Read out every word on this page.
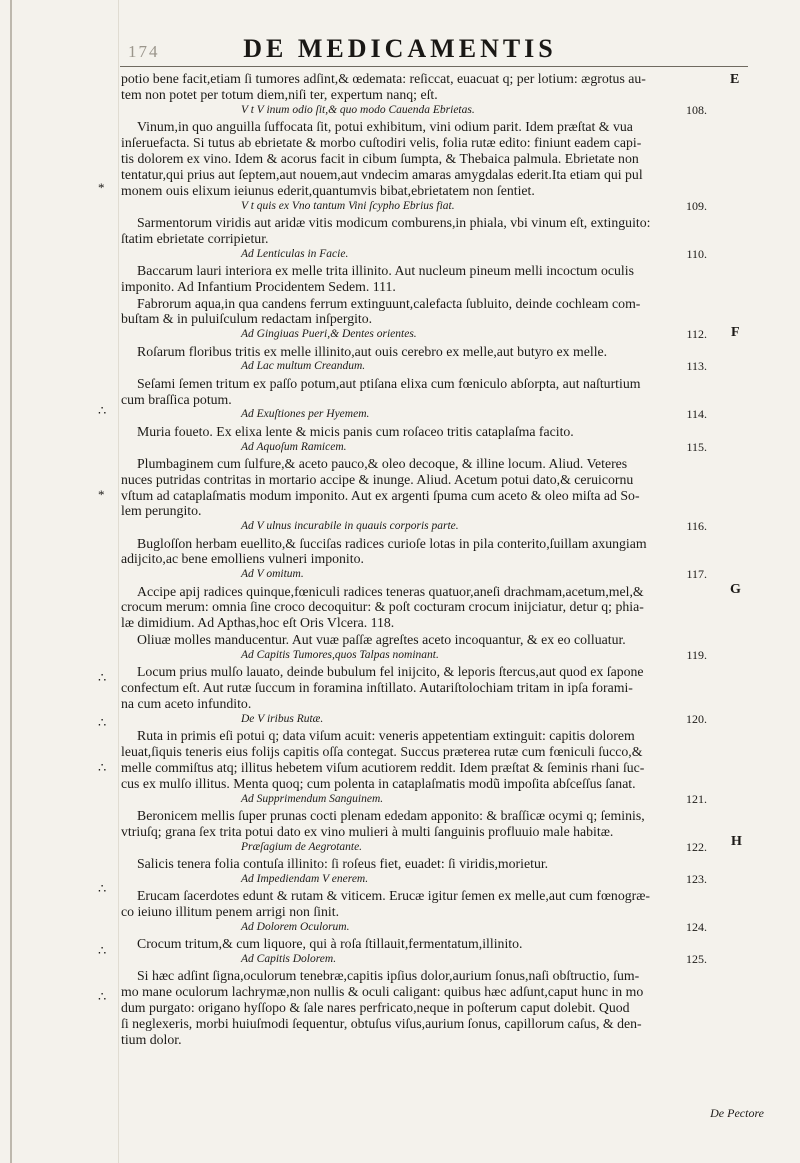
174	DE MEDICAMENTIS
potio bene facit,etiam ſi tumores adſint,& œdemata: reſiccat, euacuat q; per lotium: ægrotus au-
tem non potet per totum diem,niſi ter, expertum nanq; eſt.
V t V inum odio ſit,& quo modo Cauenda Ebrietas.	108.
Vinum,in quo anguilla ſuffocata ſit, potui exhibitum, vini odium parit. Idem præſtat & vua
inſeruefacta. Si tutus ab ebrietate & morbo cuſtodiri velis, folia rutæ edito: finiunt eadem capi-
tis dolorem ex vino. Idem & acorus facit in cibum ſumpta, & Thebaica palmula. Ebrietate non
tentatur,qui prius aut ſeptem,aut nouem,aut vndecim amaras amygdalas ederit.Ita etiam qui pul
monem ouis elixum ieiunus ederit,quantumvis bibat,ebrietatem non ſentiet.
V t quis ex Vno tantum Vini ſcypho Ebrius fiat.	109.
Sarmentorum viridis aut aridæ vitis modicum comburens,in phiala, vbi vinum eſt, extinguito:
ſtatim ebrietate corripietur.
Ad Lenticulas in Facie.	110.
Baccarum lauri interiora ex melle trita illinito. Aut nucleum pineum melli incoctum oculis
imponito. Ad Infantium Procidentem Sedem. 111.
Fabrorum aqua,in qua candens ferrum extinguunt,calefacta ſubluito, deinde cochleam com-
buſtam & in puluiſculum redactam inſpergito.
Ad Gingiuas Pueri,& Dentes orientes.	112.
Roſarum floribus tritis ex melle illinito,aut ouis cerebro ex melle,aut butyro ex melle.
Ad Lac multum Creandum.	113.
Seſami ſemen tritum ex paſſo potum,aut ptiſana elixa cum fœniculo abſorpta, aut naſturtium
cum braſſica potum.
Ad Exuſtiones per Hyemem.	114.
Muria foueto. Ex elixa lente & micis panis cum roſaceo tritis cataplaſma facito.
Ad Aquoſum Ramicem.	115.
Plumbaginem cum ſulfure,& aceto pauco,& oleo decoque, & illine locum. Aliud. Veteres
nuces putridas contritas in mortario accipe & inunge. Aliud. Acetum potui dato,& ceruicornu
vſtum ad cataplaſmatis modum imponito. Aut ex argenti ſpuma cum aceto & oleo miſta ad So-
lem perungito.
Ad V ulnus incurabile in quauis corporis parte.	116.
Bugloſſon herbam euellito,& ſucciſas radices curioſe lotas in pila conterito,ſuillam axungiam
adijcito,ac bene emolliens vulneri imponito.
Ad V omitum.	117.
Accipe apij radices quinque,fœniculi radices teneras quatuor,aneſi drachmam,acetum,mel,&
crocum merum: omnia ſine croco decoquitur: & poſt cocturam crocum inijciatur, detur q; phia-
læ dimidium. Ad Apthas,hoc eſt Oris Vlcera. 118.
Oliuæ molles manducentur. Aut vuæ paſſæ agreſtes aceto incoquantur, & ex eo colluatur.
Ad Capitis Tumores,quos Talpas nominant.	119.
Locum prius mulſo lauato, deinde bubulum fel inijcito, & leporis ſtercus,aut quod ex ſapone
confectum eſt. Aut rutæ ſuccum in foramina inſtillato. Autariſtolochiam tritam in ipſa forami-
na cum aceto infundito.
De V iribus Rutæ.	120.
Ruta in primis eſi potui q; data viſum acuit: veneris appetentiam extinguit: capitis dolorem
leuat,ſiquis teneris eius folijs capitis oſſa contegat. Succus præterea rutæ cum fœniculi ſucco,&
melle commiſtus atq; illitus hebetem viſum acutiorem reddit. Idem præſtat & ſeminis rhani ſuc-
cus ex mulſo illitus. Menta quoq; cum polenta in cataplaſmatis modũ impoſita abſceſſus ſanat.
Ad Supprimendum Sanguinem.	121.
Beronicem mellis ſuper prunas cocti plenam ededam apponito: & braſſicæ ocymi q; ſeminis,
vtriuſq; grana ſex trita potui dato ex vino mulieri à multi ſanguinis profluuio male habitæ.
Præſagium de Aegrotante.	122.
Salicis tenera folia contuſa illinito: ſi roſeus fiet, euadet: ſi viridis,morietur.
Ad Impediendam V enerem.	123.
Erucam ſacerdotes edunt & rutam & viticem. Erucæ igitur ſemen ex melle,aut cum fœnogræ-
co ieiuno illitum penem arrigi non ſinit.
Ad Dolorem Oculorum.	124.
Crocum tritum,& cum liquore, qui à roſa ſtillauit,fermentatum,illinito.
Ad Capitis Dolorem.	125.
Si hæc adſint ſigna,oculorum tenebræ,capitis ipſius dolor,aurium ſonus,naſi obſtructio, ſum-
mo mane oculorum lachrymæ,non nullis & oculi caligant: quibus hæc adſunt,caput hunc in mo
dum purgato: origano hyſſopo & ſale nares perfricato,neque in poſterum caput dolebit. Quod
ſi neglexeris, morbi huiuſmodi ſequentur, obtuſus viſus,aurium ſonus, capillorum caſus, & den-
tium dolor.
E
F
G
H
*
∴
*
∴
∴
∴
∴
∴
∴
De Pectore
